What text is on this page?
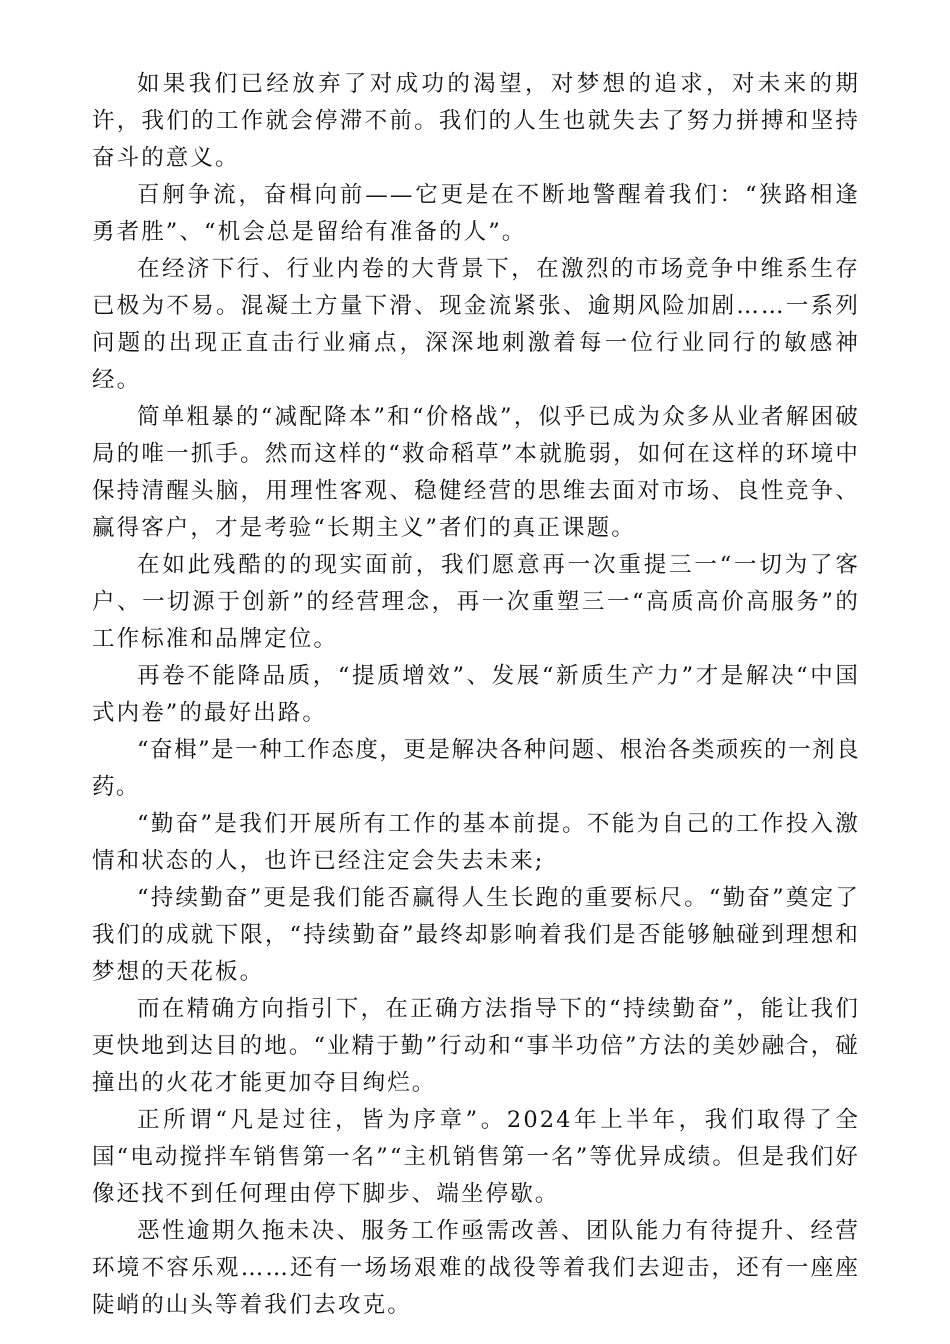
如果我们已经放弃了对成功的渴望，对梦想的追求，对未来的期许，我们的工作就会停滞不前。我们的人生也就失去了努力拼搏和坚持奋斗的意义。

百舸争流，奋楫向前——它更是在不断地警醒着我们：“狭路相逢勇者胜”、“机会总是留给有准备的人”。

在经济下行、行业内卷的大背景下，在激烈的市场竞争中维系生存已极为不易。混凝土方量下滑、现金流紧张、逾期风险加剧……一系列问题的出现正直击行业痛点，深深地刺激着每一位行业同行的敏感神经。

简单粗暴的“减配降本”和“价格战”，似乎已成为众多从业者解困破局的唯一抓手。然而这样的“救命稻草”本就脆弱，如何在这样的环境中保持清醒头脑，用理性客观、稳健经营的思维去面对市场、良性竞争、赢得客户，才是考验“长期主义”者们的真正课题。

在如此残酷的的现实面前，我们愿意再一次重提三一“一切为了客户、一切源于创新”的经营理念，再一次重塑三一“高质高价高服务”的工作标准和品牌定位。

再卷不能降品质，“提质增效”、发展“新质生产力”才是解决“中国式内卷”的最好出路。

“奋楫”是一种工作态度，更是解决各种问题、根治各类顽疾的一剂良药。

“勤奋”是我们开展所有工作的基本前提。不能为自己的工作投入激情和状态的人，也许已经注定会失去未来;

“持续勤奋”更是我们能否赢得人生长跑的重要标尺。“勤奋”奠定了我们的成就下限，“持续勤奋”最终却影响着我们是否能够触碰到理想和梦想的天花板。

而在精确方向指引下，在正确方法指导下的“持续勤奋”，能让我们更快地到达目的地。“业精于勤”行动和“事半功倍”方法的美妙融合，碰撞出的火花才能更加夺目绚烂。

正所谓“凡是过往，皆为序章”。2024年上半年，我们取得了全国“电动搅拌车销售第一名”“主机销售第一名”等优异成绩。但是我们好像还找不到任何理由停下脚步、端坐停歇。

恶性逾期久拖未决、服务工作亟需改善、团队能力有待提升、经营环境不容乐观……还有一场场艰难的战役等着我们去迎击，还有一座座陡峭的山头等着我们去攻克。
